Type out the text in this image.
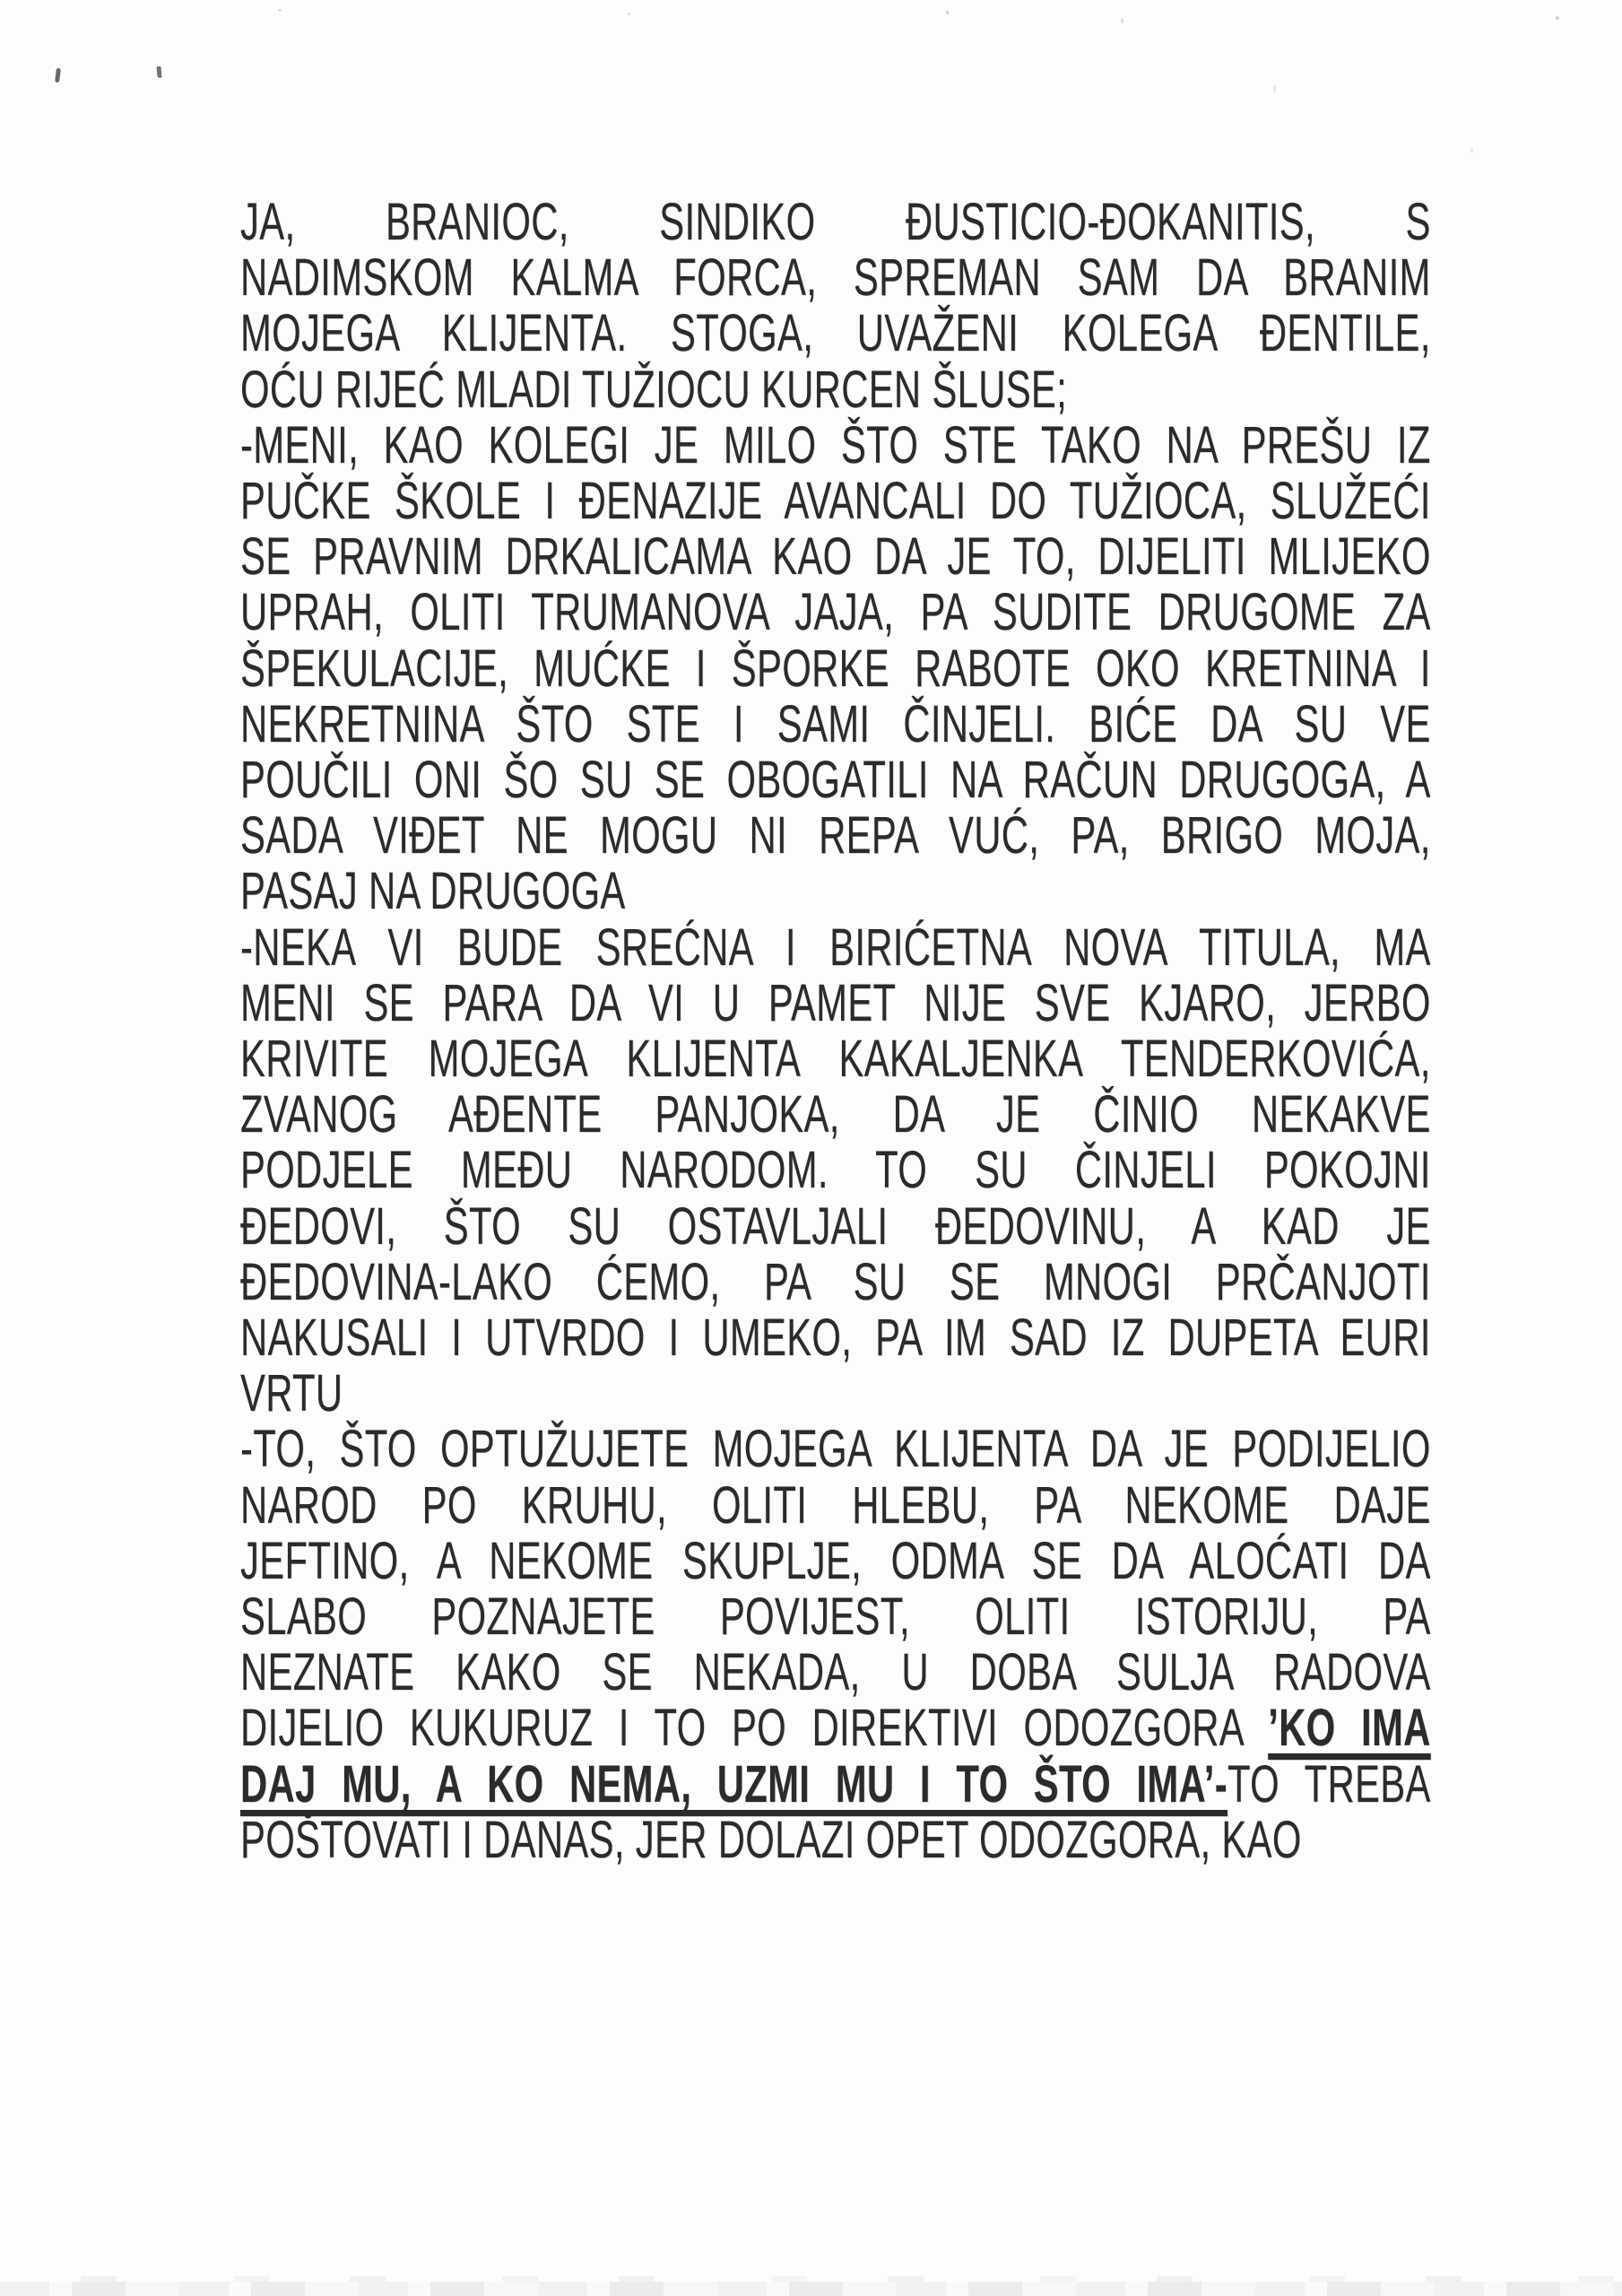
JA, BRANIOC, SINDIKO ĐUSTICIO-ĐOKANITIS, S
NADIMSKOM KALMA FORCA, SPREMAN SAM DA BRANIM
MOJEGA KLIJENTA. STOGA, UVAŽENI KOLEGA ĐENTILE,
OĆU RIJEĆ MLADI TUŽIOCU KURCEN ŠLUSE;
-MENI, KAO KOLEGI JE MILO ŠTO STE TAKO NA PREŠU IZ
PUČKE ŠKOLE I ĐENAZIJE AVANCALI DO TUŽIOCA, SLUŽEĆI
SE PRAVNIM DRKALICAMA KAO DA JE TO, DIJELITI MLIJEKO
UPRAH, OLITI TRUMANOVA JAJA, PA SUDITE DRUGOME ZA
ŠPEKULACIJE, MUĆKE I ŠPORKE RABOTE OKO KRETNINA I
NEKRETNINA ŠTO STE I SAMI ČINJELI. BIĆE DA SU VE
POUČILI ONI ŠO SU SE OBOGATILI NA RAČUN DRUGOGA, A
SADA VIĐET NE MOGU NI REPA VUĆ, PA, BRIGO MOJA,
PASAJ NA DRUGOGA
-NEKA VI BUDE SREĆNA I BIRIĆETNA NOVA TITULA, MA
MENI SE PARA DA VI U PAMET NIJE SVE KJARO, JERBO
KRIVITE MOJEGA KLIJENTA KAKALJENKA TENDERKOVIĆA,
ZVANOG AĐENTE PANJOKA, DA JE ČINIO NEKAKVE
PODJELE MEĐU NARODOM. TO SU ČINJELI POKOJNI
ĐEDOVI, ŠTO SU OSTAVLJALI ĐEDOVINU, A KAD JE
ĐEDOVINA-LAKO ĆEMO, PA SU SE MNOGI PRČANJOTI
NAKUSALI I UTVRDO I UMEKO, PA IM SAD IZ DUPETA EURI
VRTU
-TO, ŠTO OPTUŽUJETE MOJEGA KLIJENTA DA JE PODIJELIO
NAROD PO KRUHU, OLITI HLEBU, PA NEKOME DAJE
JEFTINO, A NEKOME SKUPLJE, ODMA SE DA ALOĆATI DA
SLABO POZNAJETE POVIJEST, OLITI ISTORIJU, PA
NEZNATE KAKO SE NEKADA, U DOBA SULJA RADOVA
DIJELIO KUKURUZ I TO PO DIREKTIVI ODOZGORA ’KO IMA
DAJ MU, A KO NEMA, UZMI MU I TO ŠTO IMA’-TO TREBA
POŠTOVATI I DANAS, JER DOLAZI OPET ODOZGORA, KAO
